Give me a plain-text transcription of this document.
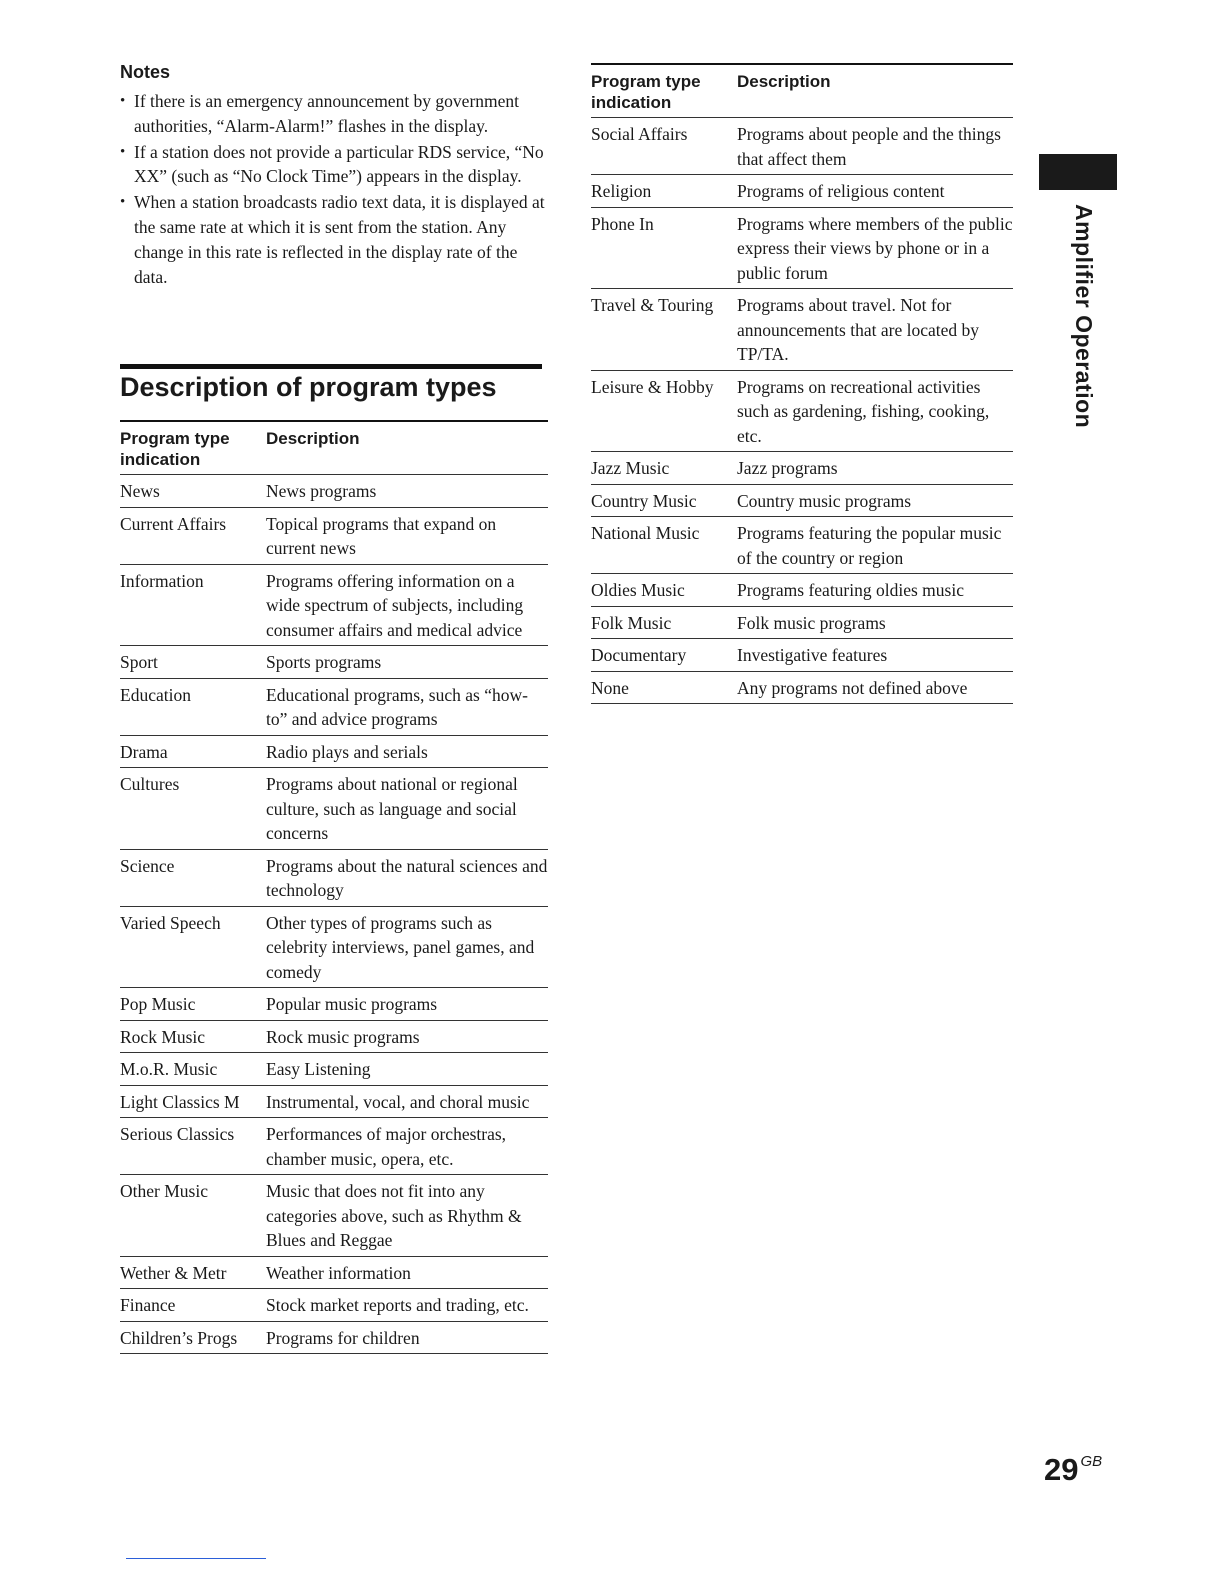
Notes
• If there is an emergency announcement by government authorities, “Alarm-Alarm!” flashes in the display.
• If a station does not provide a particular RDS service, “No XX” (such as “No Clock Time”) appears in the display.
• When a station broadcasts radio text data, it is displayed at the same rate at which it is sent from the station. Any change in this rate is reflected in the display rate of the data.
Description of program types
Program type indication	Description
News	News programs
Current Affairs	Topical programs that expand on current news
Information	Programs offering information on a wide spectrum of subjects, including consumer affairs and medical advice
Sport	Sports programs
Education	Educational programs, such as “how-to” and advice programs
Drama	Radio plays and serials
Cultures	Programs about national or regional culture, such as language and social concerns
Science	Programs about the natural sciences and technology
Varied Speech	Other types of programs such as celebrity interviews, panel games, and comedy
Pop Music	Popular music programs
Rock Music	Rock music programs
M.o.R. Music	Easy Listening
Light Classics M	Instrumental, vocal, and choral music
Serious Classics	Performances of major orchestras, chamber music, opera, etc.
Other Music	Music that does not fit into any categories above, such as Rhythm & Blues and Reggae
Wether & Metr	Weather information
Finance	Stock market reports and trading, etc.
Children’s Progs	Programs for children
Program type indication	Description
Social Affairs	Programs about people and the things that affect them
Religion	Programs of religious content
Phone In	Programs where members of the public express their views by phone or in a public forum
Travel & Touring	Programs about travel. Not for announcements that are located by TP/TA.
Leisure & Hobby	Programs on recreational activities such as gardening, fishing, cooking, etc.
Jazz Music	Jazz programs
Country Music	Country music programs
National Music	Programs featuring the popular music of the country or region
Oldies Music	Programs featuring oldies music
Folk Music	Folk music programs
Documentary	Investigative features
None	Any programs not defined above
Amplifier Operation
29 $^{GB}$
